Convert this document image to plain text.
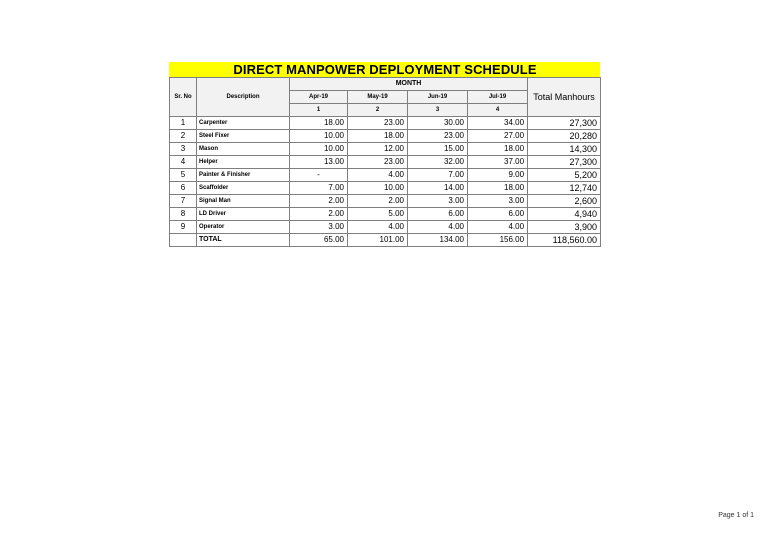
DIRECT MANPOWER DEPLOYMENT SCHEDULE
Sr. No	Description	MONTH				Total Manhours
		Apr-19	May-19	Jun-19	Jul-19	
		1	2	3	4	
1	Carpenter	18.00	23.00	30.00	34.00	27,300
2	Steel Fixer	10.00	18.00	23.00	27.00	20,280
3	Mason	10.00	12.00	15.00	18.00	14,300
4	Helper	13.00	23.00	32.00	37.00	27,300
5	Painter & Finisher	-	4.00	7.00	9.00	5,200
6	Scaffolder	7.00	10.00	14.00	18.00	12,740
7	Signal Man	2.00	2.00	3.00	3.00	2,600
8	LD Driver	2.00	5.00	6.00	6.00	4,940
9	Operator	3.00	4.00	4.00	4.00	3,900
	TOTAL	65.00	101.00	134.00	156.00	118,560.00
Page 1 of 1
